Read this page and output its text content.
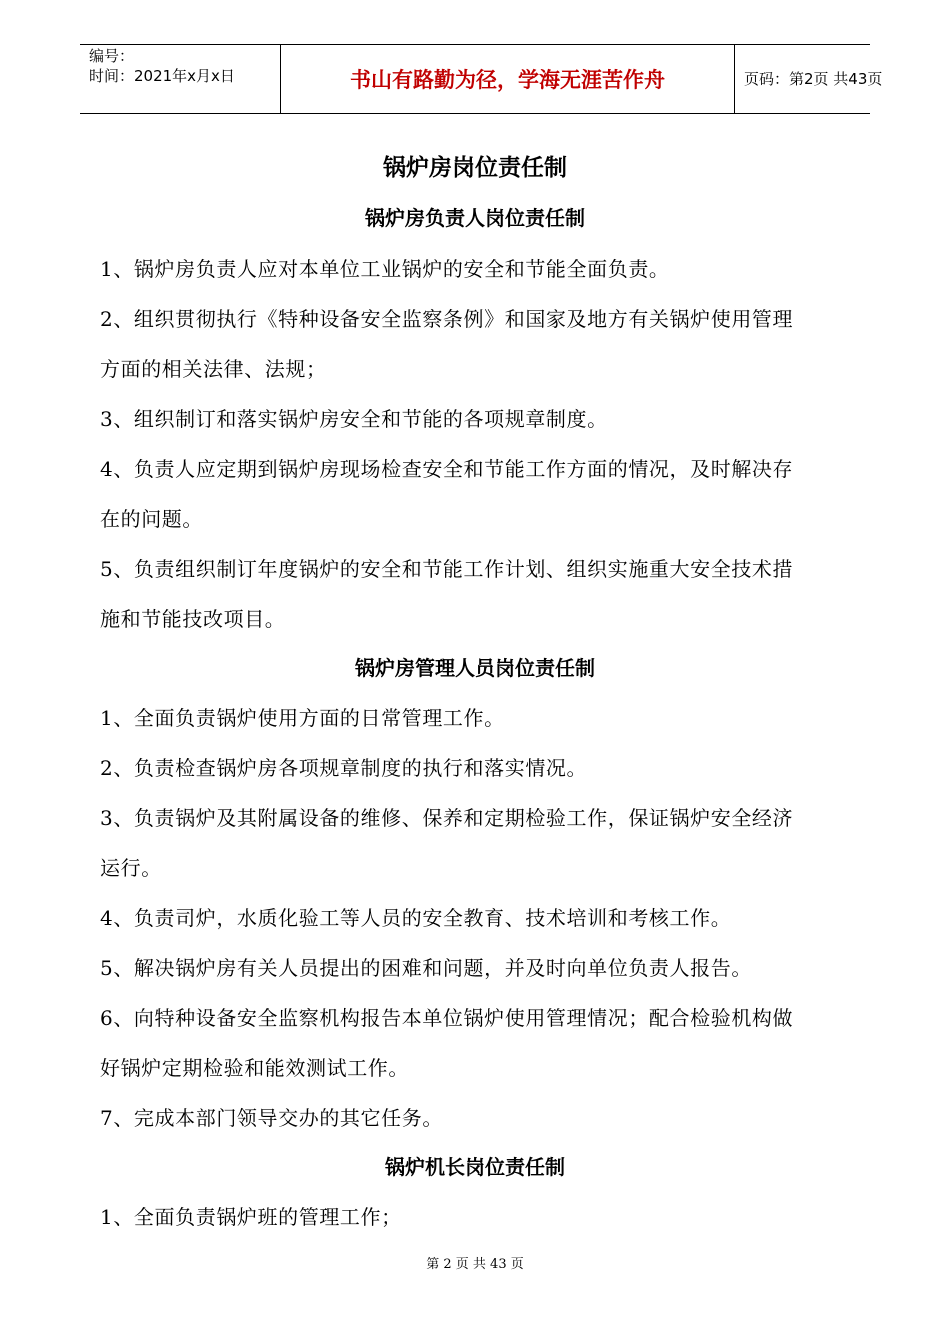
编号：
时间：2021年x月x日	书山有路勤为径，学海无涯苦作舟	页码：第2页 共43页
锅炉房岗位责任制
锅炉房负责人岗位责任制
1、锅炉房负责人应对本单位工业锅炉的安全和节能全面负责。
2、组织贯彻执行《特种设备安全监察条例》和国家及地方有关锅炉使用管理
方面的相关法律、法规；
3、组织制订和落实锅炉房安全和节能的各项规章制度。
4、负责人应定期到锅炉房现场检查安全和节能工作方面的情况，及时解决存
在的问题。
5、负责组织制订年度锅炉的安全和节能工作计划、组织实施重大安全技术措
施和节能技改项目。
锅炉房管理人员岗位责任制
1、全面负责锅炉使用方面的日常管理工作。
2、负责检查锅炉房各项规章制度的执行和落实情况。
3、负责锅炉及其附属设备的维修、保养和定期检验工作，保证锅炉安全经济
运行。
4、负责司炉，水质化验工等人员的安全教育、技术培训和考核工作。
5、解决锅炉房有关人员提出的困难和问题，并及时向单位负责人报告。
6、向特种设备安全监察机构报告本单位锅炉使用管理情况；配合检验机构做
好锅炉定期检验和能效测试工作。
7、完成本部门领导交办的其它任务。
锅炉机长岗位责任制
1、全面负责锅炉班的管理工作；
第 2 页 共 43 页
